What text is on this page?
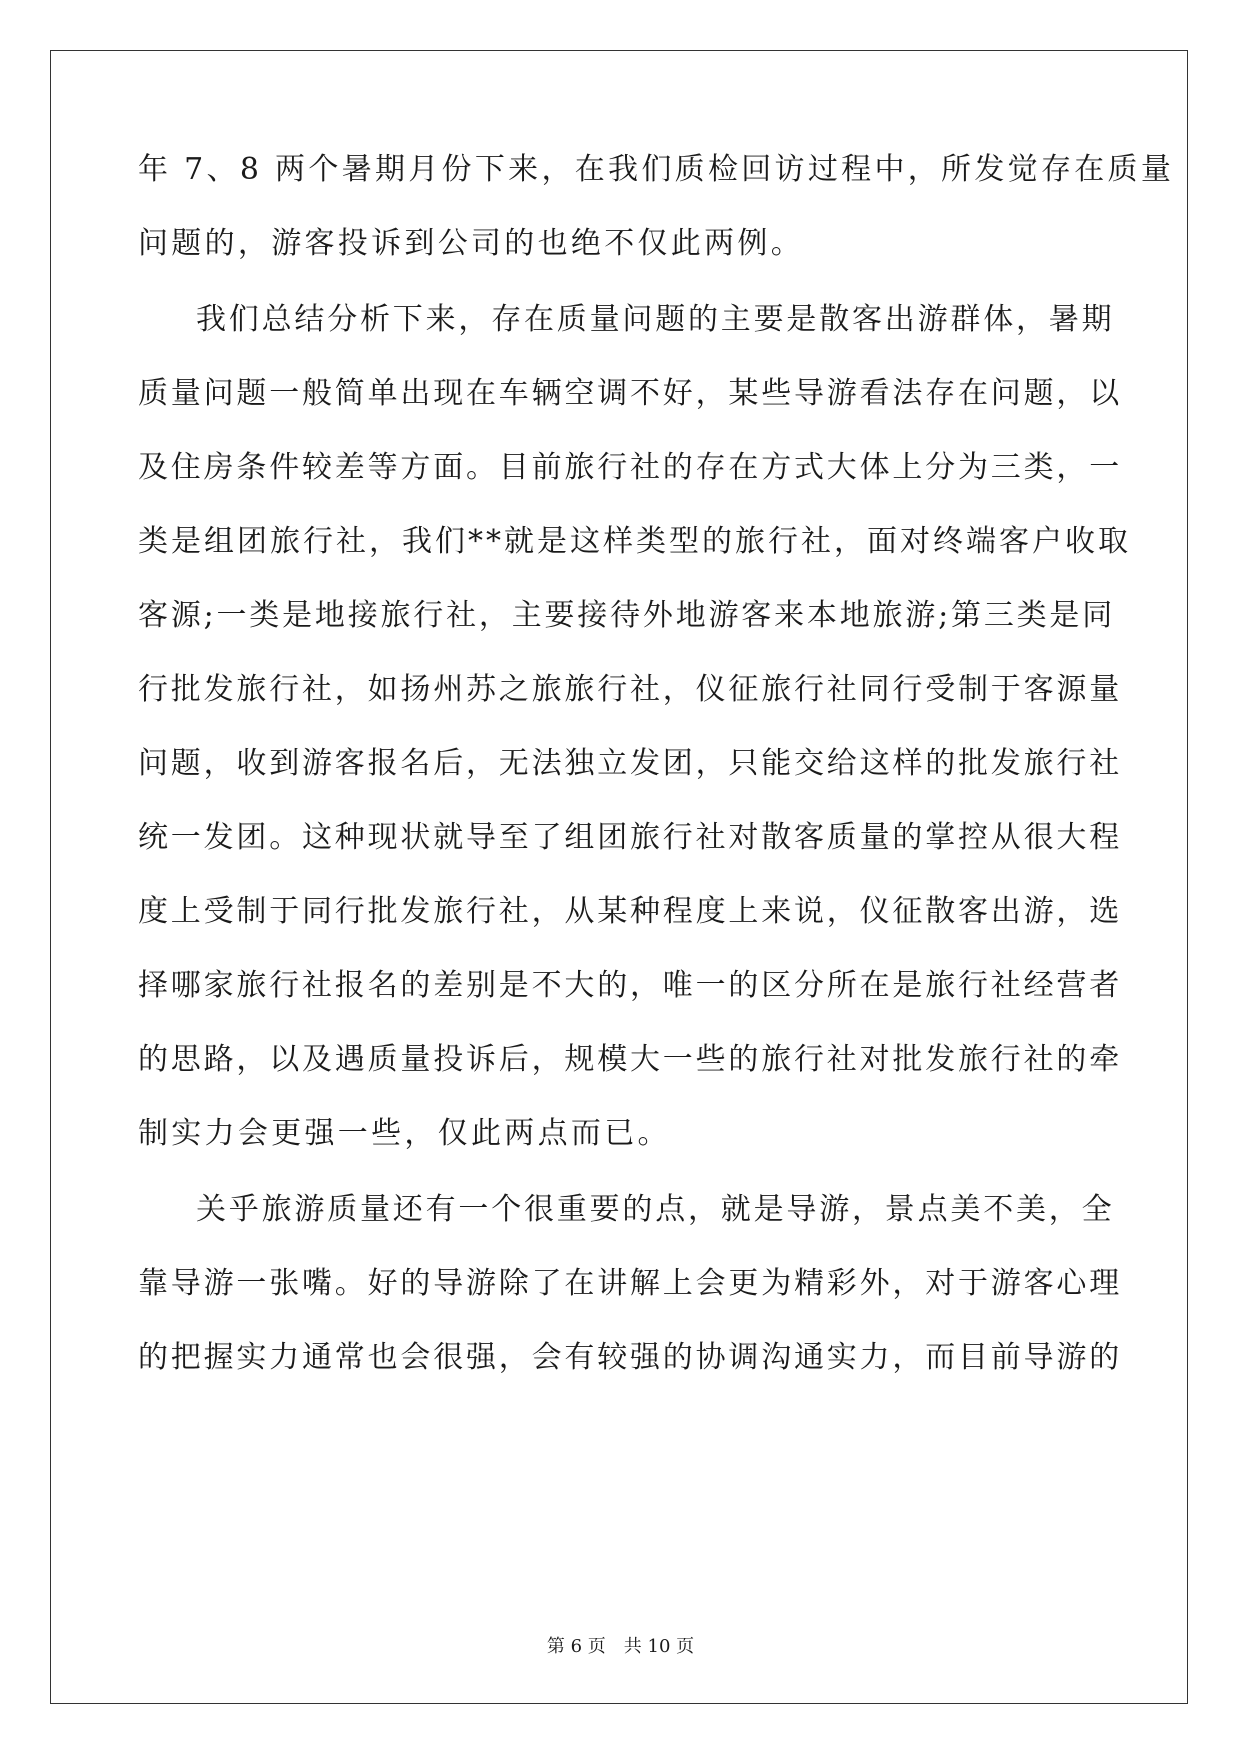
年 7、8 两个暑期月份下来，在我们质检回访过程中，所发觉存在质量
问题的，游客投诉到公司的也绝不仅此两例。
我们总结分析下来，存在质量问题的主要是散客出游群体，暑期
质量问题一般简单出现在车辆空调不好，某些导游看法存在问题，以
及住房条件较差等方面。目前旅行社的存在方式大体上分为三类，一
类是组团旅行社，我们**就是这样类型的旅行社，面对终端客户收取
客源;一类是地接旅行社，主要接待外地游客来本地旅游;第三类是同
行批发旅行社，如扬州苏之旅旅行社，仪征旅行社同行受制于客源量
问题，收到游客报名后，无法独立发团，只能交给这样的批发旅行社
统一发团。这种现状就导至了组团旅行社对散客质量的掌控从很大程
度上受制于同行批发旅行社，从某种程度上来说，仪征散客出游，选
择哪家旅行社报名的差别是不大的，唯一的区分所在是旅行社经营者
的思路，以及遇质量投诉后，规模大一些的旅行社对批发旅行社的牵
制实力会更强一些，仅此两点而已。
关乎旅游质量还有一个很重要的点，就是导游，景点美不美，全
靠导游一张嘴。好的导游除了在讲解上会更为精彩外，对于游客心理
的把握实力通常也会很强，会有较强的协调沟通实力，而目前导游的
第 6 页　共 10 页
